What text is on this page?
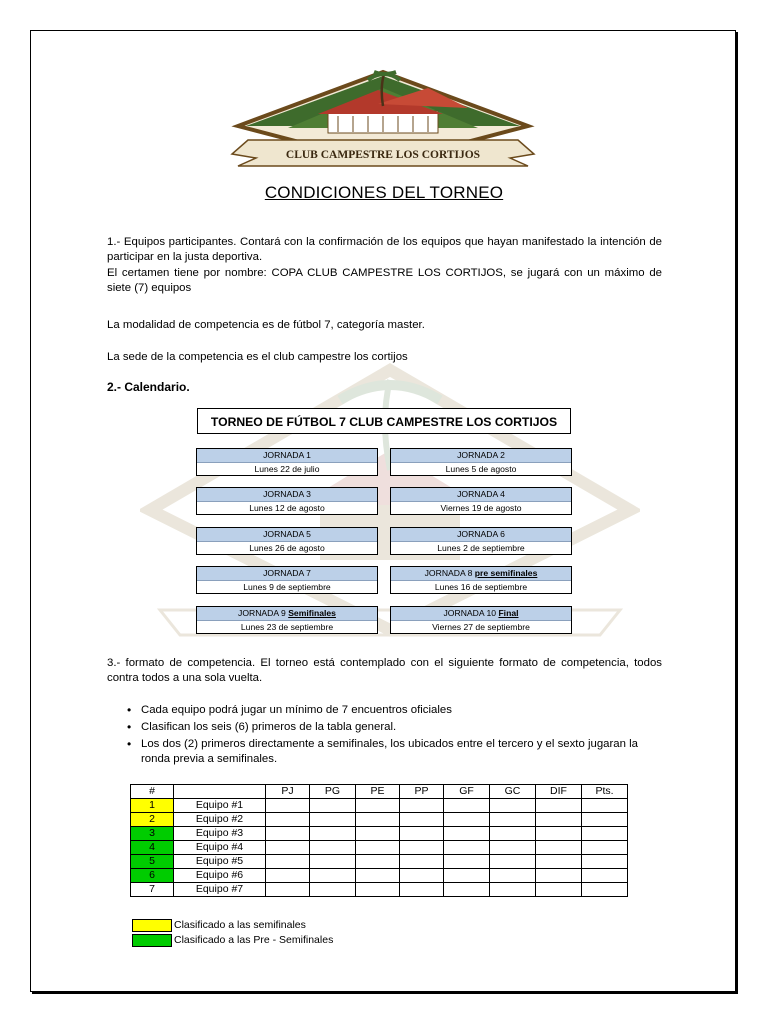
CLUB CAMPESTRE LOS CORTIJOS
CONDICIONES DEL TORNEO
1.- Equipos participantes. Contará con la confirmación de los equipos que hayan manifestado la intención de participar en la justa deportiva.
El certamen tiene por nombre: COPA CLUB CAMPESTRE LOS CORTIJOS, se jugará con un máximo de siete (7) equipos
La modalidad de competencia es de fútbol 7, categoría master.
La sede de la competencia es el club campestre los cortijos
2.- Calendario.
TORNEO DE FÚTBOL 7 CLUB CAMPESTRE LOS CORTIJOS
JORNADA 1
Lunes 22 de julio
JORNADA 2
Lunes 5 de agosto
JORNADA 3
Lunes 12 de agosto
JORNADA 4
Viernes 19 de agosto
JORNADA 5
Lunes 26 de agosto
JORNADA 6
Lunes 2 de septiembre
JORNADA 7
Lunes 9 de septiembre
JORNADA 8 pre semifinales
Lunes 16 de septiembre
JORNADA 9 Semifinales
Lunes 23 de septiembre
JORNADA 10 Final
Viernes 27 de septiembre
3.- formato de competencia. El torneo está contemplado con el siguiente formato de competencia, todos contra todos a una sola vuelta.
• Cada equipo podrá jugar un mínimo de 7 encuentros oficiales
• Clasifican los seis (6) primeros de la tabla general.
• Los dos (2) primeros directamente a semifinales, los ubicados entre el tercero y el sexto jugaran la ronda previa a semifinales.
#		PJ	PG	PE	PP	GF	GC	DIF	Pts.
1	Equipo #1								
2	Equipo #2								
3	Equipo #3								
4	Equipo #4								
5	Equipo #5								
6	Equipo #6								
7	Equipo #7								
Clasificado a las semifinales
Clasificado a las Pre - Semifinales
